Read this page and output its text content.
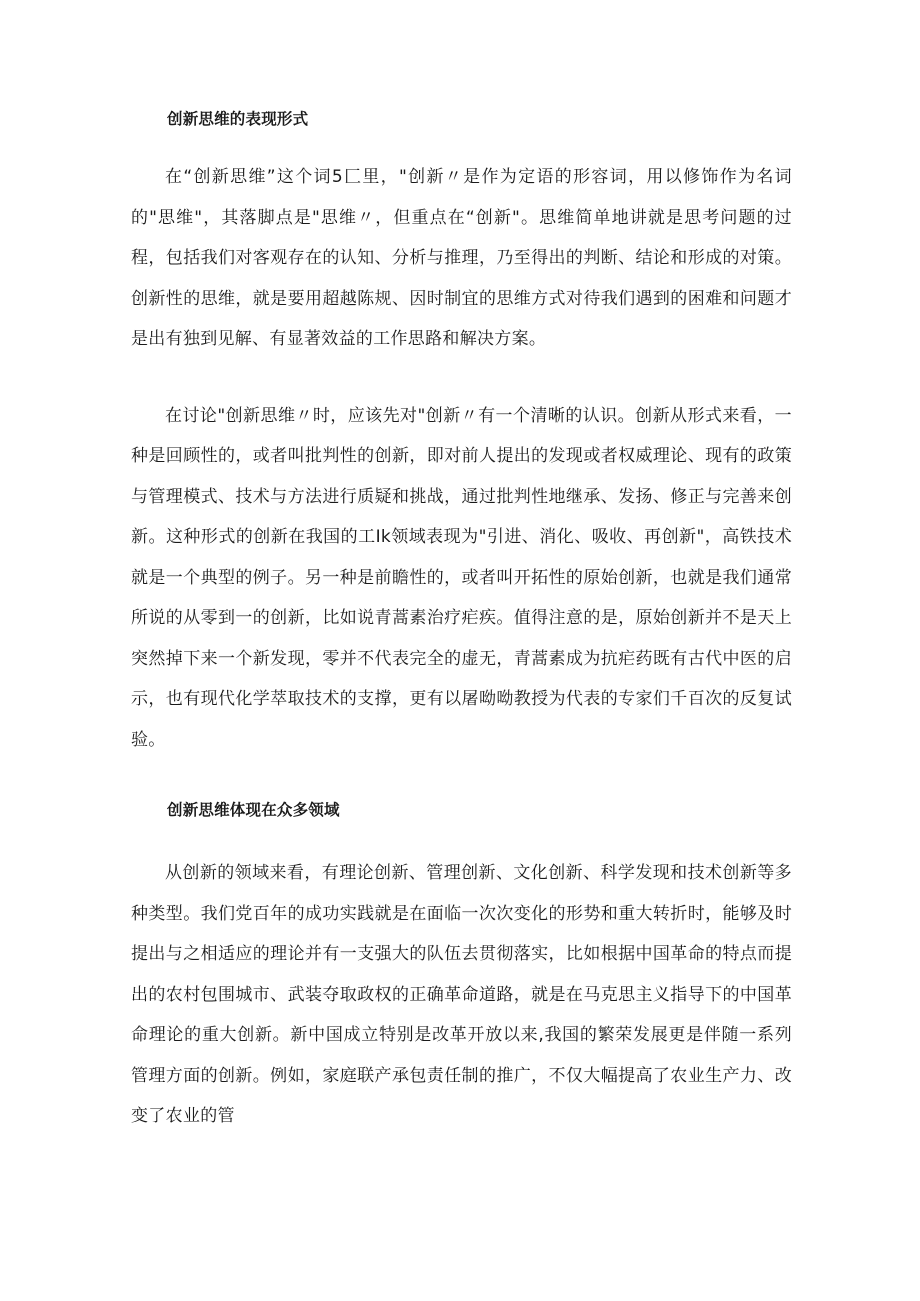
创新思维的表现形式

在“创新思维”这个词5匚里，"创新〃是作为定语的形容词，用以修饰作为名词的"思维"，其落脚点是"思维〃，但重点在“创新"。思维简单地讲就是思考问题的过程，包括我们对客观存在的认知、分析与推理，乃至得出的判断、结论和形成的对策。创新性的思维，就是要用超越陈规、因时制宜的思维方式对待我们遇到的困难和问题才是出有独到见解、有显著效益的工作思路和解决方案。

在讨论"创新思维〃时，应该先对"创新〃有一个清晰的认识。创新从形式来看，一种是回顾性的，或者叫批判性的创新，即对前人提出的发现或者权威理论、现有的政策与管理模式、技术与方法进行质疑和挑战，通过批判性地继承、发扬、修正与完善来创新。这种形式的创新在我国的工Ik领域表现为"引进、消化、吸收、再创新"，高铁技术就是一个典型的例子。另一种是前瞻性的，或者叫开拓性的原始创新，也就是我们通常所说的从零到一的创新，比如说青蒿素治疗疟疾。值得注意的是，原始创新并不是天上突然掉下来一个新发现，零并不代表完全的虚无，青蒿素成为抗疟药既有古代中医的启示，也有现代化学萃取技术的支撑，更有以屠呦呦教授为代表的专家们千百次的反复试验。

创新思维体现在众多领域

从创新的领域来看，有理论创新、管理创新、文化创新、科学发现和技术创新等多种类型。我们党百年的成功实践就是在面临一次次变化的形势和重大转折时，能够及时提出与之相适应的理论并有一支强大的队伍去贯彻落实，比如根据中国革命的特点而提出的农村包围城市、武装夺取政权的正确革命道路，就是在马克思主义指导下的中国革命理论的重大创新。新中国成立特别是改革开放以来,我国的繁荣发展更是伴随一系列管理方面的创新。例如，家庭联产承包责任制的推广，不仅大幅提高了农业生产力、改变了农业的管
